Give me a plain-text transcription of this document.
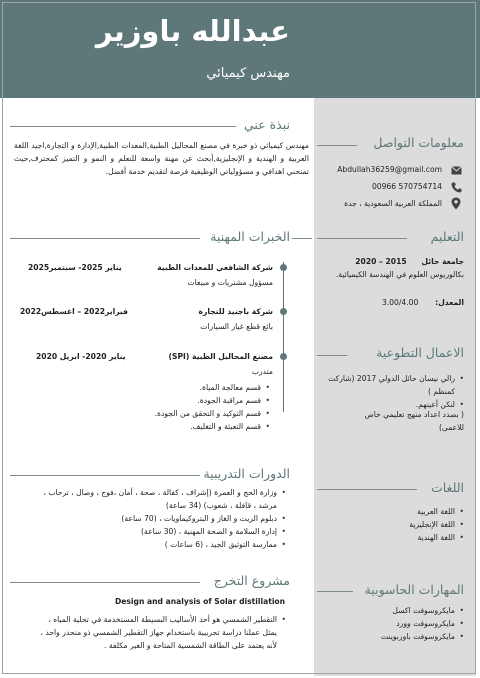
عبدالله باوزير
مهندس كيميائي
نبذة عني
مهندس كيميائي ذو خبرة في مصنع المحاليل الطبية,المعدات الطبية,الإدارة و التجارة,اجيد اللغة العربية و الهندية و الإنجليزية,أبحث عن مهنة واسعة للتعلم و النمو و التميز كمحترف,حيث تمنحني اهدافي و مسؤولياتي الوظيفية فرصة لتقديم خدمة أفضل.
الخبرات المهنية
شركة الشافعي للمعدات الطبية
يناير 2025- سبتمبر2025
مسؤول مشتريات و مبيعات
شركة باجنيد للتجارة
فبراير2022 – اغسطس2022
بائع قطع غيار السيارات
مصنع المحاليل الطبية (SPI)
يناير 2020- ابريل 2020
متدرب
• قسم معالجة المياة.
• قسم مراقبة الجودة.
• قسم التوكيد و التحقق من الجودة.
• قسم التعبئة و التغليف.
الدورات التدريبية
• وزارة الحج و العمرة (إشراف ، كفالة ، صحة ، أمان ،فوج ، وصال ، ترحاب ، مرشد ، قافلة ، شعوب) (34 ساعة)
• دبلوم الزيت و الغاز و البتروكيماويات ، (70 ساعة)
• إدارة السلامة و الصحة المهنية ، (30 ساعة)
• ممارسة التوثيق الجيد ، (6 ساعات )
مشروع التخرج
Design and analysis of Solar distillation
• التقطير الشمسي هو أحد الأساليب البسيطة المستخدمة في تحلية المياه ، يمثل عملنا دراسة تجريبية باستخدام جهاز التقطير الشمسي ذو منحدر واحد ، لأنه يعتمد على الطاقة الشمسية المتاحة و الغير مكلفة .
معلومات التواصل
Abdullah36259@gmail.com
00966 570754714
المملكة العربية السعودية ، جدة
التعليم
جامعة حائل  2015 – 2020
بكالوريوس العلوم في الهندسة الكيميائية.
المعدل:  3.00/4.00
الاعمال التطوعية
• رالي نيسان حائل الدولي 2017 (شاركت كمنظم )
• لنكن أعينهم.
( بصدد اعداد منهج تعليمي خاص للاعمى)
اللغات
• اللغة العربية
• اللغة الإنجليزية
• اللغة الهندية
المهارات الحاسوبية
• مايكروسوفت اكسل
• مايكروسوفت وورد
• مايكروسوفت باوربوينت
